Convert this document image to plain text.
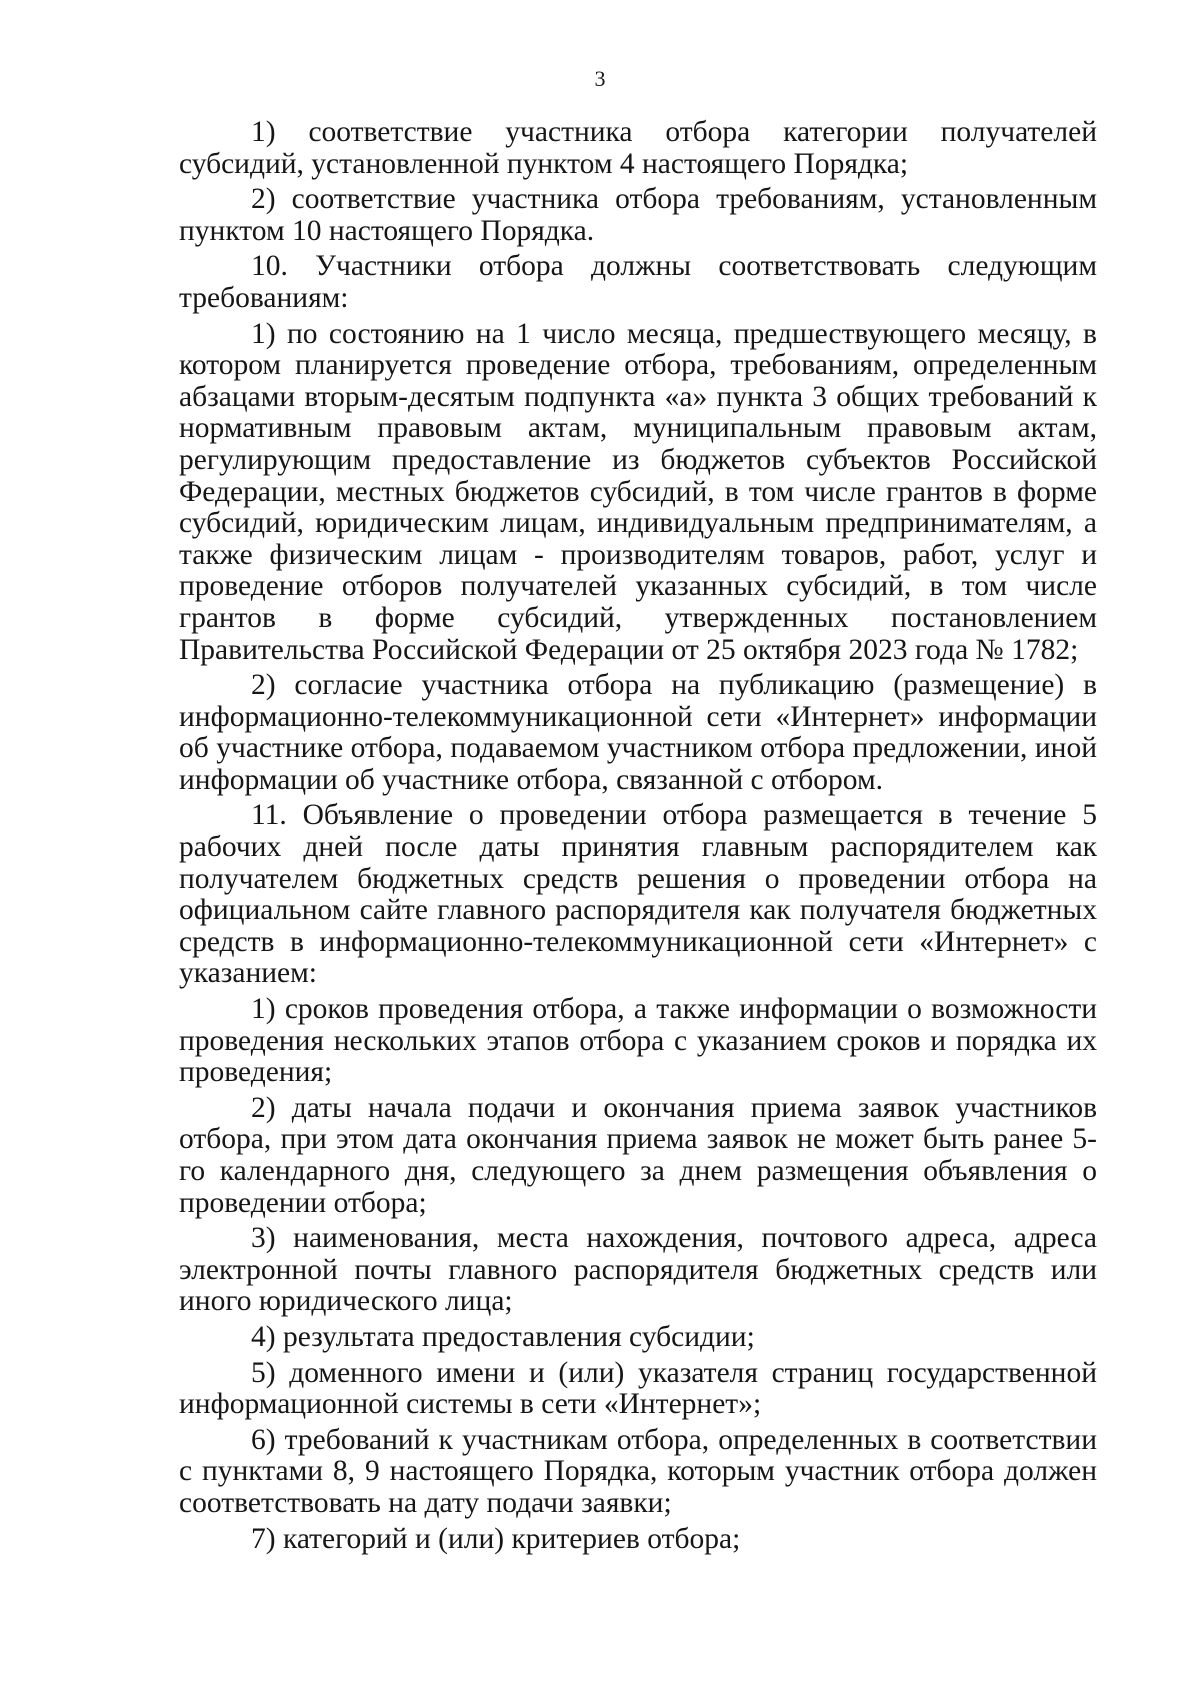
3

1) соответствие участника отбора категории получателей субсидий, установленной пунктом 4 настоящего Порядка;

2) соответствие участника отбора требованиям, установленным пунктом 10 настоящего Порядка.

10. Участники отбора должны соответствовать следующим требованиям:

1) по состоянию на 1 число месяца, предшествующего месяцу, в котором планируется проведение отбора, требованиям, определенным абзацами вторым-десятым подпункта «а» пункта 3 общих требований к нормативным правовым актам, муниципальным правовым актам, регулирующим предоставление из бюджетов субъектов Российской Федерации, местных бюджетов субсидий, в том числе грантов в форме субсидий, юридическим лицам, индивидуальным предпринимателям, а также физическим лицам - производителям товаров, работ, услуг и проведение отборов получателей указанных субсидий, в том числе грантов в форме субсидий, утвержденных постановлением Правительства Российской Федерации от 25 октября 2023 года № 1782;

2) согласие участника отбора на публикацию (размещение) в информационно-телекоммуникационной сети «Интернет» информации об участнике отбора, подаваемом участником отбора предложении, иной информации об участнике отбора, связанной с отбором.

11. Объявление о проведении отбора размещается в течение 5 рабочих дней после даты принятия главным распорядителем как получателем бюджетных средств решения о проведении отбора на официальном сайте главного распорядителя как получателя бюджетных средств в информационно-телекоммуникационной сети «Интернет» с указанием:

1) сроков проведения отбора, а также информации о возможности проведения нескольких этапов отбора с указанием сроков и порядка их проведения;

2) даты начала подачи и окончания приема заявок участников отбора, при этом дата окончания приема заявок не может быть ранее 5-го календарного дня, следующего за днем размещения объявления о проведении отбора;

3) наименования, места нахождения, почтового адреса, адреса электронной почты главного распорядителя бюджетных средств или иного юридического лица;

4) результата предоставления субсидии;

5) доменного имени и (или) указателя страниц государственной информационной системы в сети «Интернет»;

6) требований к участникам отбора, определенных в соответствии с пунктами 8, 9 настоящего Порядка, которым участник отбора должен соответствовать на дату подачи заявки;

7) категорий и (или) критериев отбора;
